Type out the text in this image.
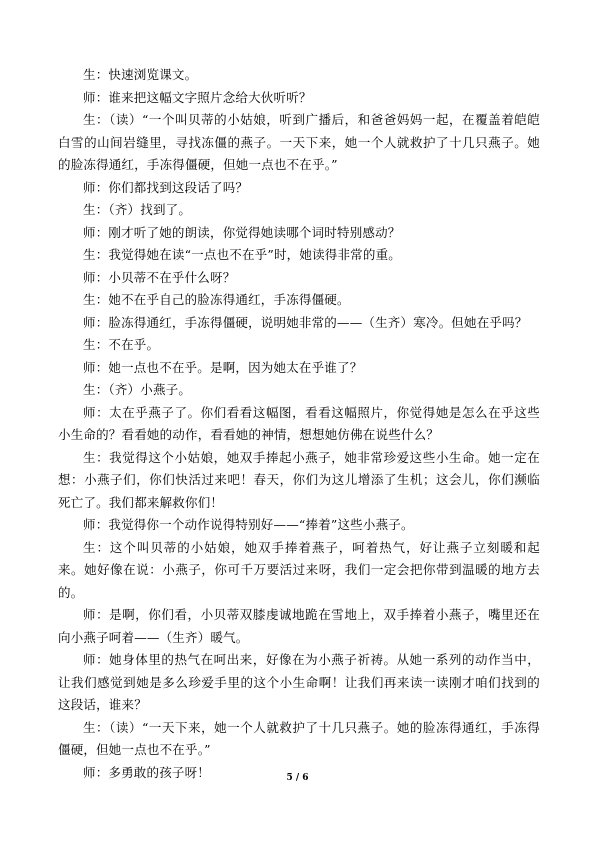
生：快速浏览课文。

师：谁来把这幅文字照片念给大伙听听？

生：（读）“一个叫贝蒂的小姑娘，听到广播后，和爸爸妈妈一起，在覆盖着皑皑白雪的山间岩缝里，寻找冻僵的燕子。一天下来，她一个人就救护了十几只燕子。她的脸冻得通红，手冻得僵硬，但她一点也不在乎。”

师：你们都找到这段话了吗？

生：（齐）找到了。

师：刚才听了她的朗读，你觉得她读哪个词时特别感动？

生：我觉得她在读“一点也不在乎”时，她读得非常的重。

师：小贝蒂不在乎什么呀？

生：她不在乎自己的脸冻得通红，手冻得僵硬。

师：脸冻得通红，手冻得僵硬，说明她非常的——（生齐）寒冷。但她在乎吗？

生：不在乎。

师：她一点也不在乎。是啊，因为她太在乎谁了？

生：（齐）小燕子。

师：太在乎燕子了。你们看看这幅图，看看这幅照片，你觉得她是怎么在乎这些小生命的？看看她的动作，看看她的神情，想想她仿佛在说些什么？

生：我觉得这个小姑娘，她双手捧起小燕子，她非常珍爱这些小生命。她一定在想：小燕子们，你们快活过来吧！春天，你们为这儿增添了生机；这会儿，你们濒临死亡了。我们都来解救你们！

师：我觉得你一个动作说得特别好——“捧着”这些小燕子。

生：这个叫贝蒂的小姑娘，她双手捧着燕子，呵着热气，好让燕子立刻暖和起来。她好像在说：小燕子，你可千万要活过来呀，我们一定会把你带到温暖的地方去的。

师：是啊，你们看，小贝蒂双膝虔诚地跪在雪地上，双手捧着小燕子，嘴里还在向小燕子呵着——（生齐）暖气。

师：她身体里的热气在呵出来，好像在为小燕子祈祷。从她一系列的动作当中，让我们感觉到她是多么珍爱手里的这个小生命啊！让我们再来读一读刚才咱们找到的这段话，谁来？

生：（读）“一天下来，她一个人就救护了十几只燕子。她的脸冻得通红，手冻得僵硬，但她一点也不在乎。”

师：多勇敢的孩子呀！	5 / 6
